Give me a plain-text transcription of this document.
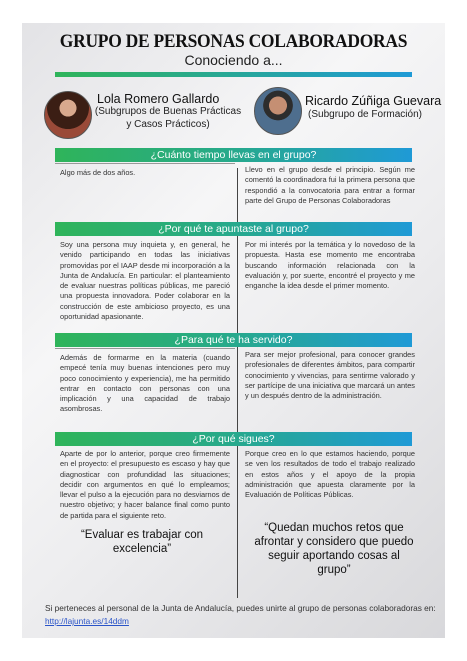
GRUPO DE PERSONAS COLABORADORAS
Conociendo a...
Lola Romero Gallardo
(Subgrupos de Buenas Prácticas y Casos Prácticos)
Ricardo Zúñiga Guevara
(Subgrupo de Formación)
¿Cuánto tiempo llevas en el grupo?
Algo más de dos años.	Llevo en el grupo desde el principio. Según me comentó la coordinadora fui la primera persona que respondió a la convocatoria para entrar a formar parte del Grupo de Personas Colaboradoras
¿Por qué te apuntaste al grupo?
Soy una persona muy inquieta y, en general, he venido participando en todas las iniciativas promovidas por el IAAP desde mi incorporación a la Junta de Andalucía. En particular: el planteamiento de evaluar nuestras políticas públicas, me pareció una propuesta innovadora. Poder colaborar en la construcción de este ambicioso proyecto, es una oportunidad apasionante.
Por mi interés por la temática y lo novedoso de la propuesta. Hasta ese momento me encontraba buscando información relacionada con la evaluación y, por suerte, encontré el proyecto y me enganche la idea desde el primer momento.
¿Para qué te ha servido?
Además de formarme en la materia (cuando empecé tenía muy buenas intenciones pero muy poco conocimiento y experiencia), me ha permitido entrar en contacto con personas con una implicación y una capacidad de trabajo asombrosas.
Para ser mejor profesional, para conocer grandes profesionales de diferentes ámbitos, para compartir conocimiento y vivencias, para sentirme valorado y ser partícipe de una iniciativa que marcará un antes y un después dentro de la administración.
¿Por qué sigues?
Aparte de por lo anterior, porque creo firmemente en el proyecto: el presupuesto es escaso y hay que diagnosticar con profundidad las situaciones; decidir con argumentos en qué lo empleamos; llevar el pulso a la ejecución para no desviarnos de nuestro objetivo; y hacer balance final como punto de partida para el siguiente reto.
Porque creo en lo que estamos haciendo, porque se ven los resultados de todo el trabajo realizado en estos años y el apoyo de la propia administración que apuesta claramente por la Evaluación de Políticas Públicas.
“Evaluar es trabajar con excelencia”
“Quedan muchos retos que afrontar y considero que puedo seguir aportando cosas al grupo”
Si perteneces al personal de la Junta de Andalucía, puedes unirte al grupo de personas colaboradoras en:
http://lajunta.es/14ddm
